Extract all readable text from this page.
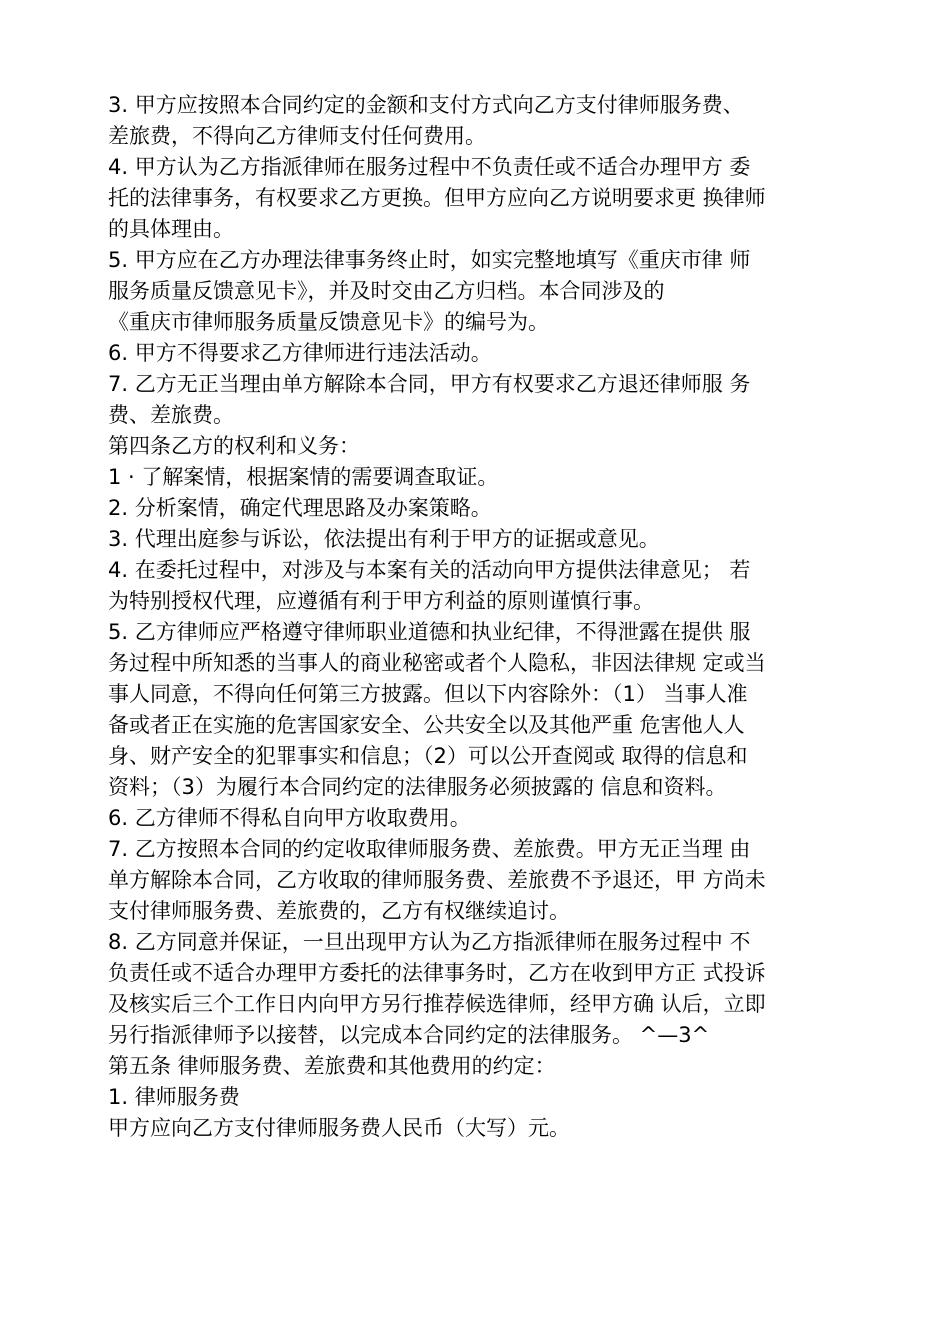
3. 甲方应按照本合同约定的金额和支付方式向乙方支付律师服务费、
差旅费，不得向乙方律师支付任何费用。
4. 甲方认为乙方指派律师在服务过程中不负责任或不适合办理甲方 委
托的法律事务，有权要求乙方更换。但甲方应向乙方说明要求更 换律师
的具体理由。
5. 甲方应在乙方办理法律事务终止时，如实完整地填写《重庆市律 师
服务质量反馈意见卡》，并及时交由乙方归档。本合同涉及的
《重庆市律师服务质量反馈意见卡》的编号为。
6. 甲方不得要求乙方律师进行违法活动。
7. 乙方无正当理由单方解除本合同，甲方有权要求乙方退还律师服 务
费、差旅费。
第四条乙方的权利和义务：
1 · 了解案情，根据案情的需要调查取证。
2. 分析案情，确定代理思路及办案策略。
3. 代理出庭参与诉讼，依法提出有利于甲方的证据或意见。
4. 在委托过程中，对涉及与本案有关的活动向甲方提供法律意见； 若
为特别授权代理，应遵循有利于甲方利益的原则谨慎行事。
5. 乙方律师应严格遵守律师职业道德和执业纪律，不得泄露在提供 服
务过程中所知悉的当事人的商业秘密或者个人隐私，非因法律规 定或当
事人同意，不得向任何第三方披露。但以下内容除外：（1） 当事人准
备或者正在实施的危害国家安全、公共安全以及其他严重 危害他人人
身、财产安全的犯罪事实和信息；（2）可以公开查阅或 取得的信息和
资料；（3）为履行本合同约定的法律服务必须披露的 信息和资料。
6. 乙方律师不得私自向甲方收取费用。
7. 乙方按照本合同的约定收取律师服务费、差旅费。甲方无正当理 由
单方解除本合同，乙方收取的律师服务费、差旅费不予退还，甲 方尚未
支付律师服务费、差旅费的，乙方有权继续追讨。
8. 乙方同意并保证，一旦出现甲方认为乙方指派律师在服务过程中 不
负责任或不适合办理甲方委托的法律事务时，乙方在收到甲方正 式投诉
及核实后三个工作日内向甲方另行推荐候选律师，经甲方确 认后，立即
另行指派律师予以接替，以完成本合同约定的法律服务。 ^—3^
第五条 律师服务费、差旅费和其他费用的约定：
1. 律师服务费
甲方应向乙方支付律师服务费人民币（大写）元。
